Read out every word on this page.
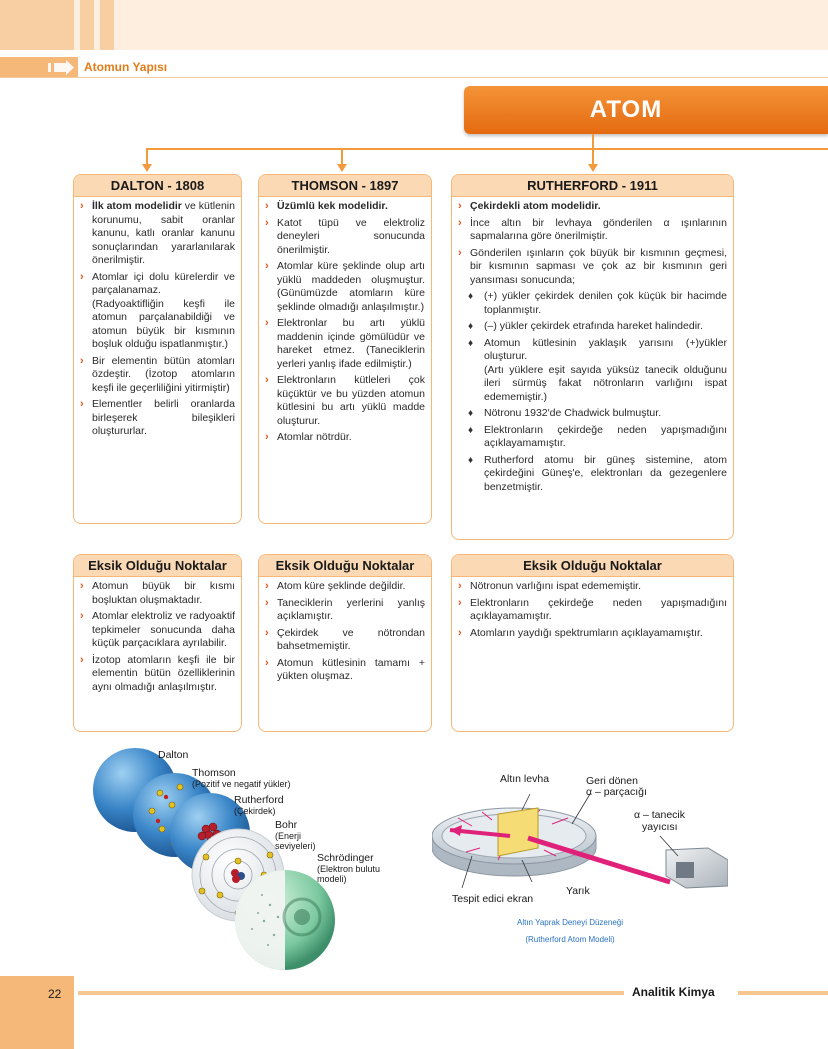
Atomun Yapısı
ATOM
DALTON - 1808
› İlk atom modelidir ve kütlenin korunumu, sabit oranlar kanunu, katlı oranlar kanunu sonuçlarından yararlanılarak önerilmiştir.
› Atomlar içi dolu kürelerdir ve parçalanamaz. (Radyoaktifliğin keşfi ile atomun parçalanabildiği ve atomun büyük bir kısmının boşluk olduğu ispatlanmıştır.)
› Bir elementin bütün atomları özdeştir. (İzotop atomların keşfi ile geçerliliğini yitirmiştir)
› Elementler belirli oranlarda birleşerek bileşikleri oluştururlar.
THOMSON - 1897
› Üzümlü kek modelidir.
› Katot tüpü ve elektroliz deneyleri sonucunda önerilmiştir.
› Atomlar küre şeklinde olup artı yüklü maddeden oluşmuştur. (Günümüzde atomların küre şeklinde olmadığı anlaşılmıştır.)
› Elektronlar bu artı yüklü maddenin içinde gömülüdür ve hareket etmez. (Taneciklerin yerleri yanlış ifade edilmiştir.)
› Elektronların kütleleri çok küçüktür ve bu yüzden atomun kütlesini bu artı yüklü madde oluşturur.
› Atomlar nötrdür.
RUTHERFORD - 1911
› Çekirdekli atom modelidir.
› İnce altın bir levhaya gönderilen α ışınlarının sapmalarına göre önerilmiştir.
› Gönderilen ışınların çok büyük bir kısmının geçmesi, bir kısmının sapması ve çok az bir kısmının geri yansıması sonucunda;
♦ (+) yükler çekirdek denilen çok küçük bir hacimde toplanmıştır.
♦ (–) yükler çekirdek etrafında hareket halindedir.
♦ Atomun kütlesinin yaklaşık yarısını (+)yükler oluşturur.
(Artı yüklere eşit sayıda yüksüz tanecik olduğunu ileri sürmüş fakat nötronların varlığını ispat edememiştir.)
♦ Nötronu 1932'de Chadwick bulmuştur.
♦ Elektronların çekirdeğe neden yapışmadığını açıklayamamıştır.
♦ Rutherford atomu bir güneş sistemine, atom çekirdeğini Güneş'e, elektronları da gezegenlere benzetmiştir.
Eksik Olduğu Noktalar
› Atomun büyük bir kısmı boşluktan oluşmaktadır.
› Atomlar elektroliz ve radyoaktif tepkimeler sonucunda daha küçük parçacıklara ayrılabilir.
› İzotop atomların keşfi ile bir elementin bütün özelliklerinin aynı olmadığı anlaşılmıştır.
Eksik Olduğu Noktalar
› Atom küre şeklinde değildir.
› Taneciklerin yerlerini yanlış açıklamıştır.
› Çekirdek ve nötrondan bahsetmemiştir.
› Atomun kütlesinin tamamı + yükten oluşmaz.
Eksik Olduğu Noktalar
› Nötronun varlığını ispat edememiştir.
› Elektronların çekirdeğe neden yapışmadığını açıklayamamıştır.
› Atomların yaydığı spektrumların açıklayamamıştır.
Dalton
Thomson
(Pozitif ve negatif yükler)
Rutherford
(Çekirdek)
Bohr
(Enerji seviyeleri)
Schrödinger
(Elektron bulutu modeli)
Altın levha	Geri dönen
α – parçacığı
α – tanecik
yayıcısı
Yarık
Tespit edici ekran
Altın Yaprak Deneyi Düzeneği
(Rutherford Atom Modeli)
22	Analitik Kimya
